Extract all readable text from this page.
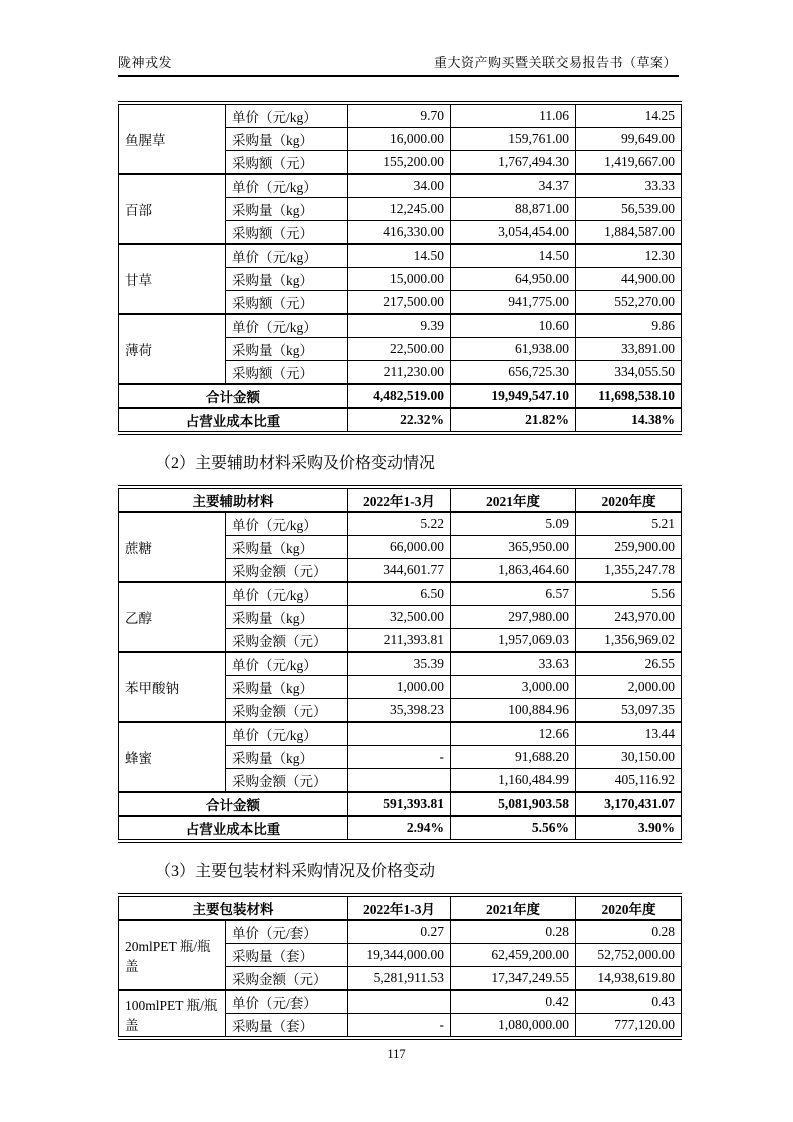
陇神戎发	重大资产购买暨关联交易报告书（草案）
鱼腥草	单价（元/kg）	9.70	11.06	14.25
	采购量（kg）	16,000.00	159,761.00	99,649.00
	采购额（元）	155,200.00	1,767,494.30	1,419,667.00
百部	单价（元/kg）	34.00	34.37	33.33
	采购量（kg）	12,245.00	88,871.00	56,539.00
	采购额（元）	416,330.00	3,054,454.00	1,884,587.00
甘草	单价（元/kg）	14.50	14.50	12.30
	采购量（kg）	15,000.00	64,950.00	44,900.00
	采购额（元）	217,500.00	941,775.00	552,270.00
薄荷	单价（元/kg）	9.39	10.60	9.86
	采购量（kg）	22,500.00	61,938.00	33,891.00
	采购额（元）	211,230.00	656,725.30	334,055.50
合计金额		4,482,519.00	19,949,547.10	11,698,538.10
占营业成本比重		22.32%	21.82%	14.38%
（2）主要辅助材料采购及价格变动情况
主要辅助材料		2022年1-3月	2021年度	2020年度
蔗糖	单价（元/kg）	5.22	5.09	5.21
	采购量（kg）	66,000.00	365,950.00	259,900.00
	采购金额（元）	344,601.77	1,863,464.60	1,355,247.78
乙醇	单价（元/kg）	6.50	6.57	5.56
	采购量（kg）	32,500.00	297,980.00	243,970.00
	采购金额（元）	211,393.81	1,957,069.03	1,356,969.02
苯甲酸钠	单价（元/kg）	35.39	33.63	26.55
	采购量（kg）	1,000.00	3,000.00	2,000.00
	采购金额（元）	35,398.23	100,884.96	53,097.35
蜂蜜	单价（元/kg）		12.66	13.44
	采购量（kg）	-	91,688.20	30,150.00
	采购金额（元）		1,160,484.99	405,116.92
合计金额		591,393.81	5,081,903.58	3,170,431.07
占营业成本比重		2.94%	5.56%	3.90%
（3）主要包装材料采购情况及价格变动
主要包装材料		2022年1-3月	2021年度	2020年度
20mlPET 瓶/瓶盖	单价（元/套）	0.27	0.28	0.28
	采购量（套）	19,344,000.00	62,459,200.00	52,752,000.00
	采购金额（元）	5,281,911.53	17,347,249.55	14,938,619.80
100mlPET 瓶/瓶盖	单价（元/套）		0.42	0.43
	采购量（套）	-	1,080,000.00	777,120.00
117
